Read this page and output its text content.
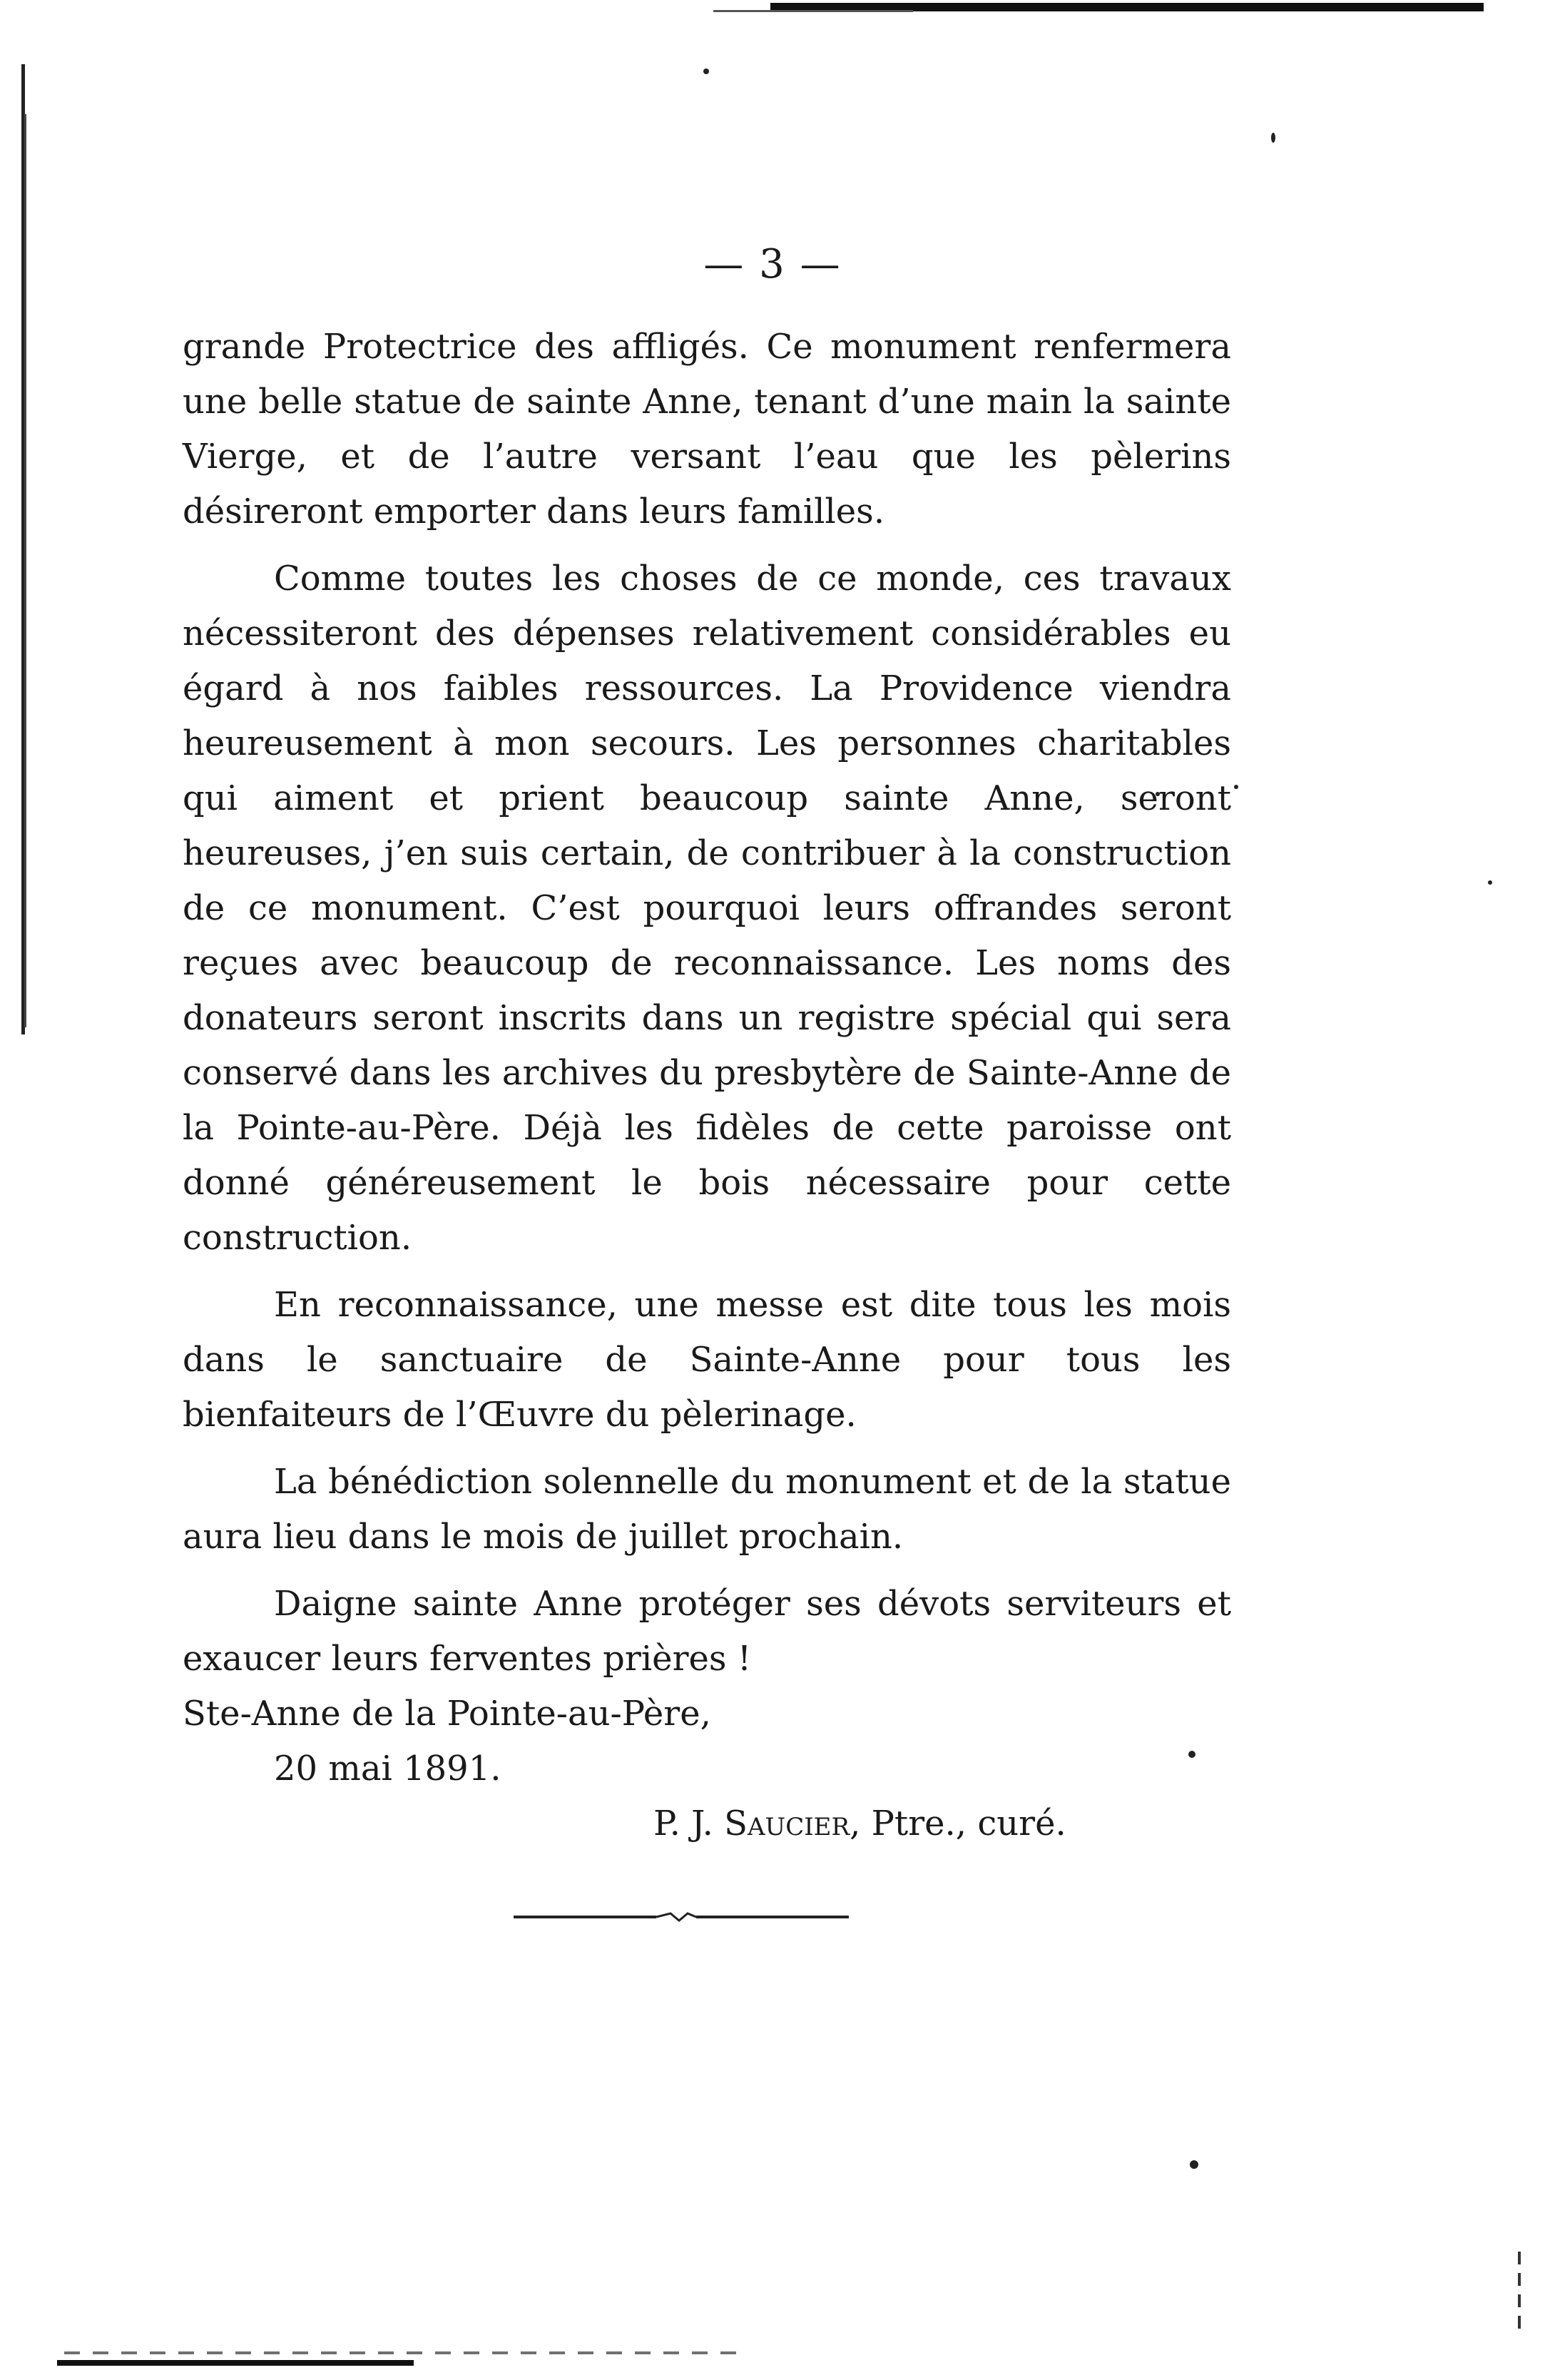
— 3 —

grande Protectrice des affligés. Ce monument renfermera une belle statue de sainte Anne, tenant d’une main la sainte Vierge, et de l’autre versant l’eau que les pèlerins désireront emporter dans leurs familles.

Comme toutes les choses de ce monde, ces travaux nécessiteront des dépenses relativement considérables eu égard à nos faibles ressources. La Providence viendra heureusement à mon secours. Les personnes charitables qui aiment et prient beaucoup sainte Anne, seront heureuses, j’en suis certain, de contribuer à la construction de ce monument. C’est pourquoi leurs offrandes seront reçues avec beaucoup de reconnaissance. Les noms des donateurs seront inscrits dans un registre spécial qui sera conservé dans les archives du presbytère de Sainte-Anne de la Pointe-au-Père. Déjà les fidèles de cette paroisse ont donné généreusement le bois nécessaire pour cette construction.

En reconnaissance, une messe est dite tous les mois dans le sanctuaire de Sainte-Anne pour tous les bienfaiteurs de l’Œuvre du pèlerinage.

La bénédiction solennelle du monument et de la statue aura lieu dans le mois de juillet prochain.

Daigne sainte Anne protéger ses dévots serviteurs et exaucer leurs ferventes prières !

Ste-Anne de la Pointe-au-Père,

20 mai 1891.

P. J. Saucier, Ptre., curé.
